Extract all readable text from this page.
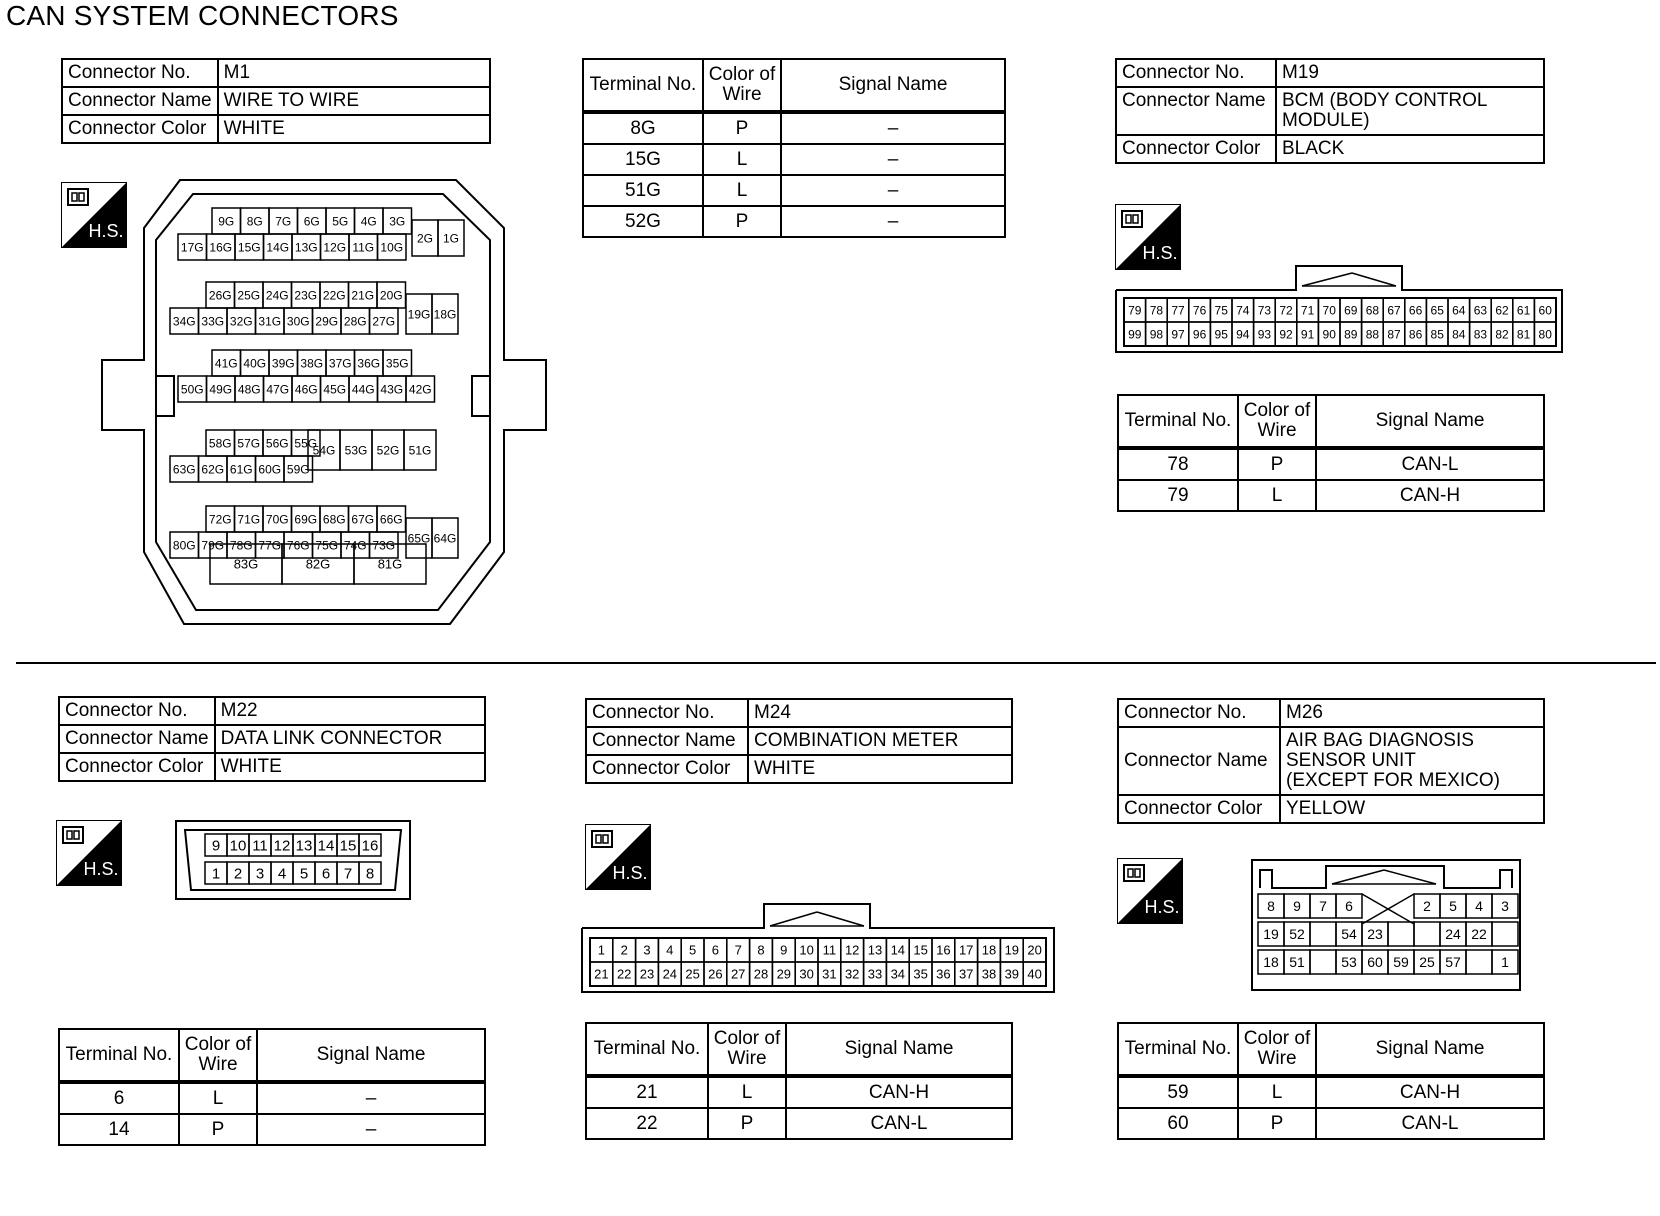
CAN SYSTEM CONNECTORS
Connector No.	M1
Connector Name	WIRE TO WIRE
Connector Color	WHITE
H.S.	9G 8G 7G 6G 5G 4G 3G
17G 16G 15G 14G 13G 12G 11G 10G
2G 1G
26G 25G 24G 23G 22G 21G 20G
34G 33G 32G 31G 30G 29G 28G 27G 19G 18G
41G 40G 39G 38G 37G 36G 35G
50G 49G 48G 47G 46G 45G 44G 43G 42G
58G 57G 56G 55G
63G 62G 61G 60G 59G
54G 53G 52G 51G
72G 71G 70G 69G 68G 67G 66G
80G 79G 78G 77G 76G 75G 74G 73G 65G 64G
83G	82G	81G
Terminal No.	Color of
Wire	Signal Name
8G	P	–
15G	L	–
51G	L	–
52G	P	–
Connector No.	M19
Connector Name	BCM (BODY CONTROL
MODULE)
Connector Color	BLACK
H.S.
79 78 77 76 75 74 73 72 71 70 69 68 67 66 65 64 63 62 61 60
99 98 97 96 95 94 93 92 91 90 89 88 87 86 85 84 83 82 81 80
Terminal No.	Color of
Wire	Signal Name
78	P	CAN-L
79	L	CAN-H
Connector No.	M22
Connector Name	DATA LINK CONNECTOR
Connector Color	WHITE
H.S.
9 10 11 12 13 14 15 16
1 2 3 4 5 6 7 8
Terminal No.	Color of
Wire	Signal Name
6	L	–
14	P	–
Connector No.	M24
Connector Name	COMBINATION METER
Connector Color	WHITE
H.S.
1 2 3 4 5 6 7 8 9 10 11 12 13 14 15 16 17 18 19 20
21 22 23 24 25 26 27 28 29 30 31 32 33 34 35 36 37 38 39 40
Terminal No.	Color of
Wire	Signal Name
21	L	CAN-H
22	P	CAN-L
Connector No.	M26
Connector Name	AIR BAG DIAGNOSIS
SENSOR UNIT
(EXCEPT FOR MEXICO)
Connector Color	YELLOW
H.S.	8 9 7 6	2 5 4 3
19 52	54 23	24 22
18 51	53 60 59 25 57	1
Terminal No.	Color of
Wire	Signal Name
59	L	CAN-H
60	P	CAN-L
